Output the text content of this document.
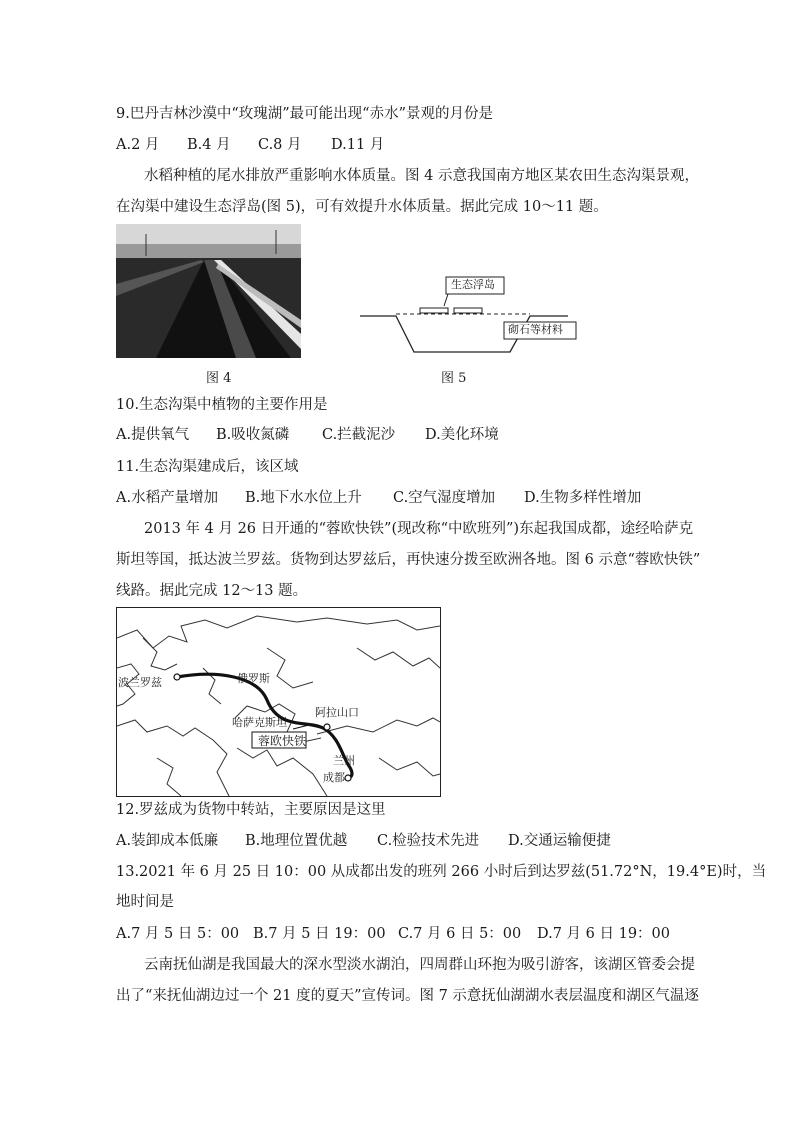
9.巴丹吉林沙漠中“玫瑰湖”最可能出现“赤水”景观的月份是
A.2 月 B.4 月 C.8 月 D.11 月
水稻种植的尾水排放严重影响水体质量。图 4 示意我国南方地区某农田生态沟渠景观，
在沟渠中建设生态浮岛(图 5)，可有效提升水体质量。据此完成 10～11 题。
图 4
生态浮岛
砌石等材料
图 5
10.生态沟渠中植物的主要作用是
A.提供氧气 B.吸收氮磷 C.拦截泥沙 D.美化环境
11.生态沟渠建成后，该区域
A.水稻产量增加 B.地下水水位上升 C.空气湿度增加 D.生物多样性增加
2013 年 4 月 26 日开通的“蓉欧快铁”(现改称“中欧班列”)东起我国成都，途经哈萨克
斯坦等国，抵达波兰罗兹。货物到达罗兹后，再快速分拨至欧洲各地。图 6 示意“蓉欧快铁”
线路。据此完成 12～13 题。
波兰罗兹	俄罗斯
哈萨克斯坦
阿拉山口
蓉欧快铁
兰州
成都
12.罗兹成为货物中转站，主要原因是这里
A.装卸成本低廉 B.地理位置优越 C.检验技术先进 D.交通运输便捷
13.2021 年 6 月 25 日 10：00 从成都出发的班列 266 小时后到达罗兹(51.72°N，19.4°E)时，当
地时间是
A.7 月 5 日 5：00 B.7 月 5 日 19：00 C.7 月 6 日 5：00 D.7 月 6 日 19：00
云南抚仙湖是我国最大的深水型淡水湖泊，四周群山环抱为吸引游客，该湖区管委会提
出了“来抚仙湖边过一个 21 度的夏天”宣传词。图 7 示意抚仙湖湖水表层温度和湖区气温逐
